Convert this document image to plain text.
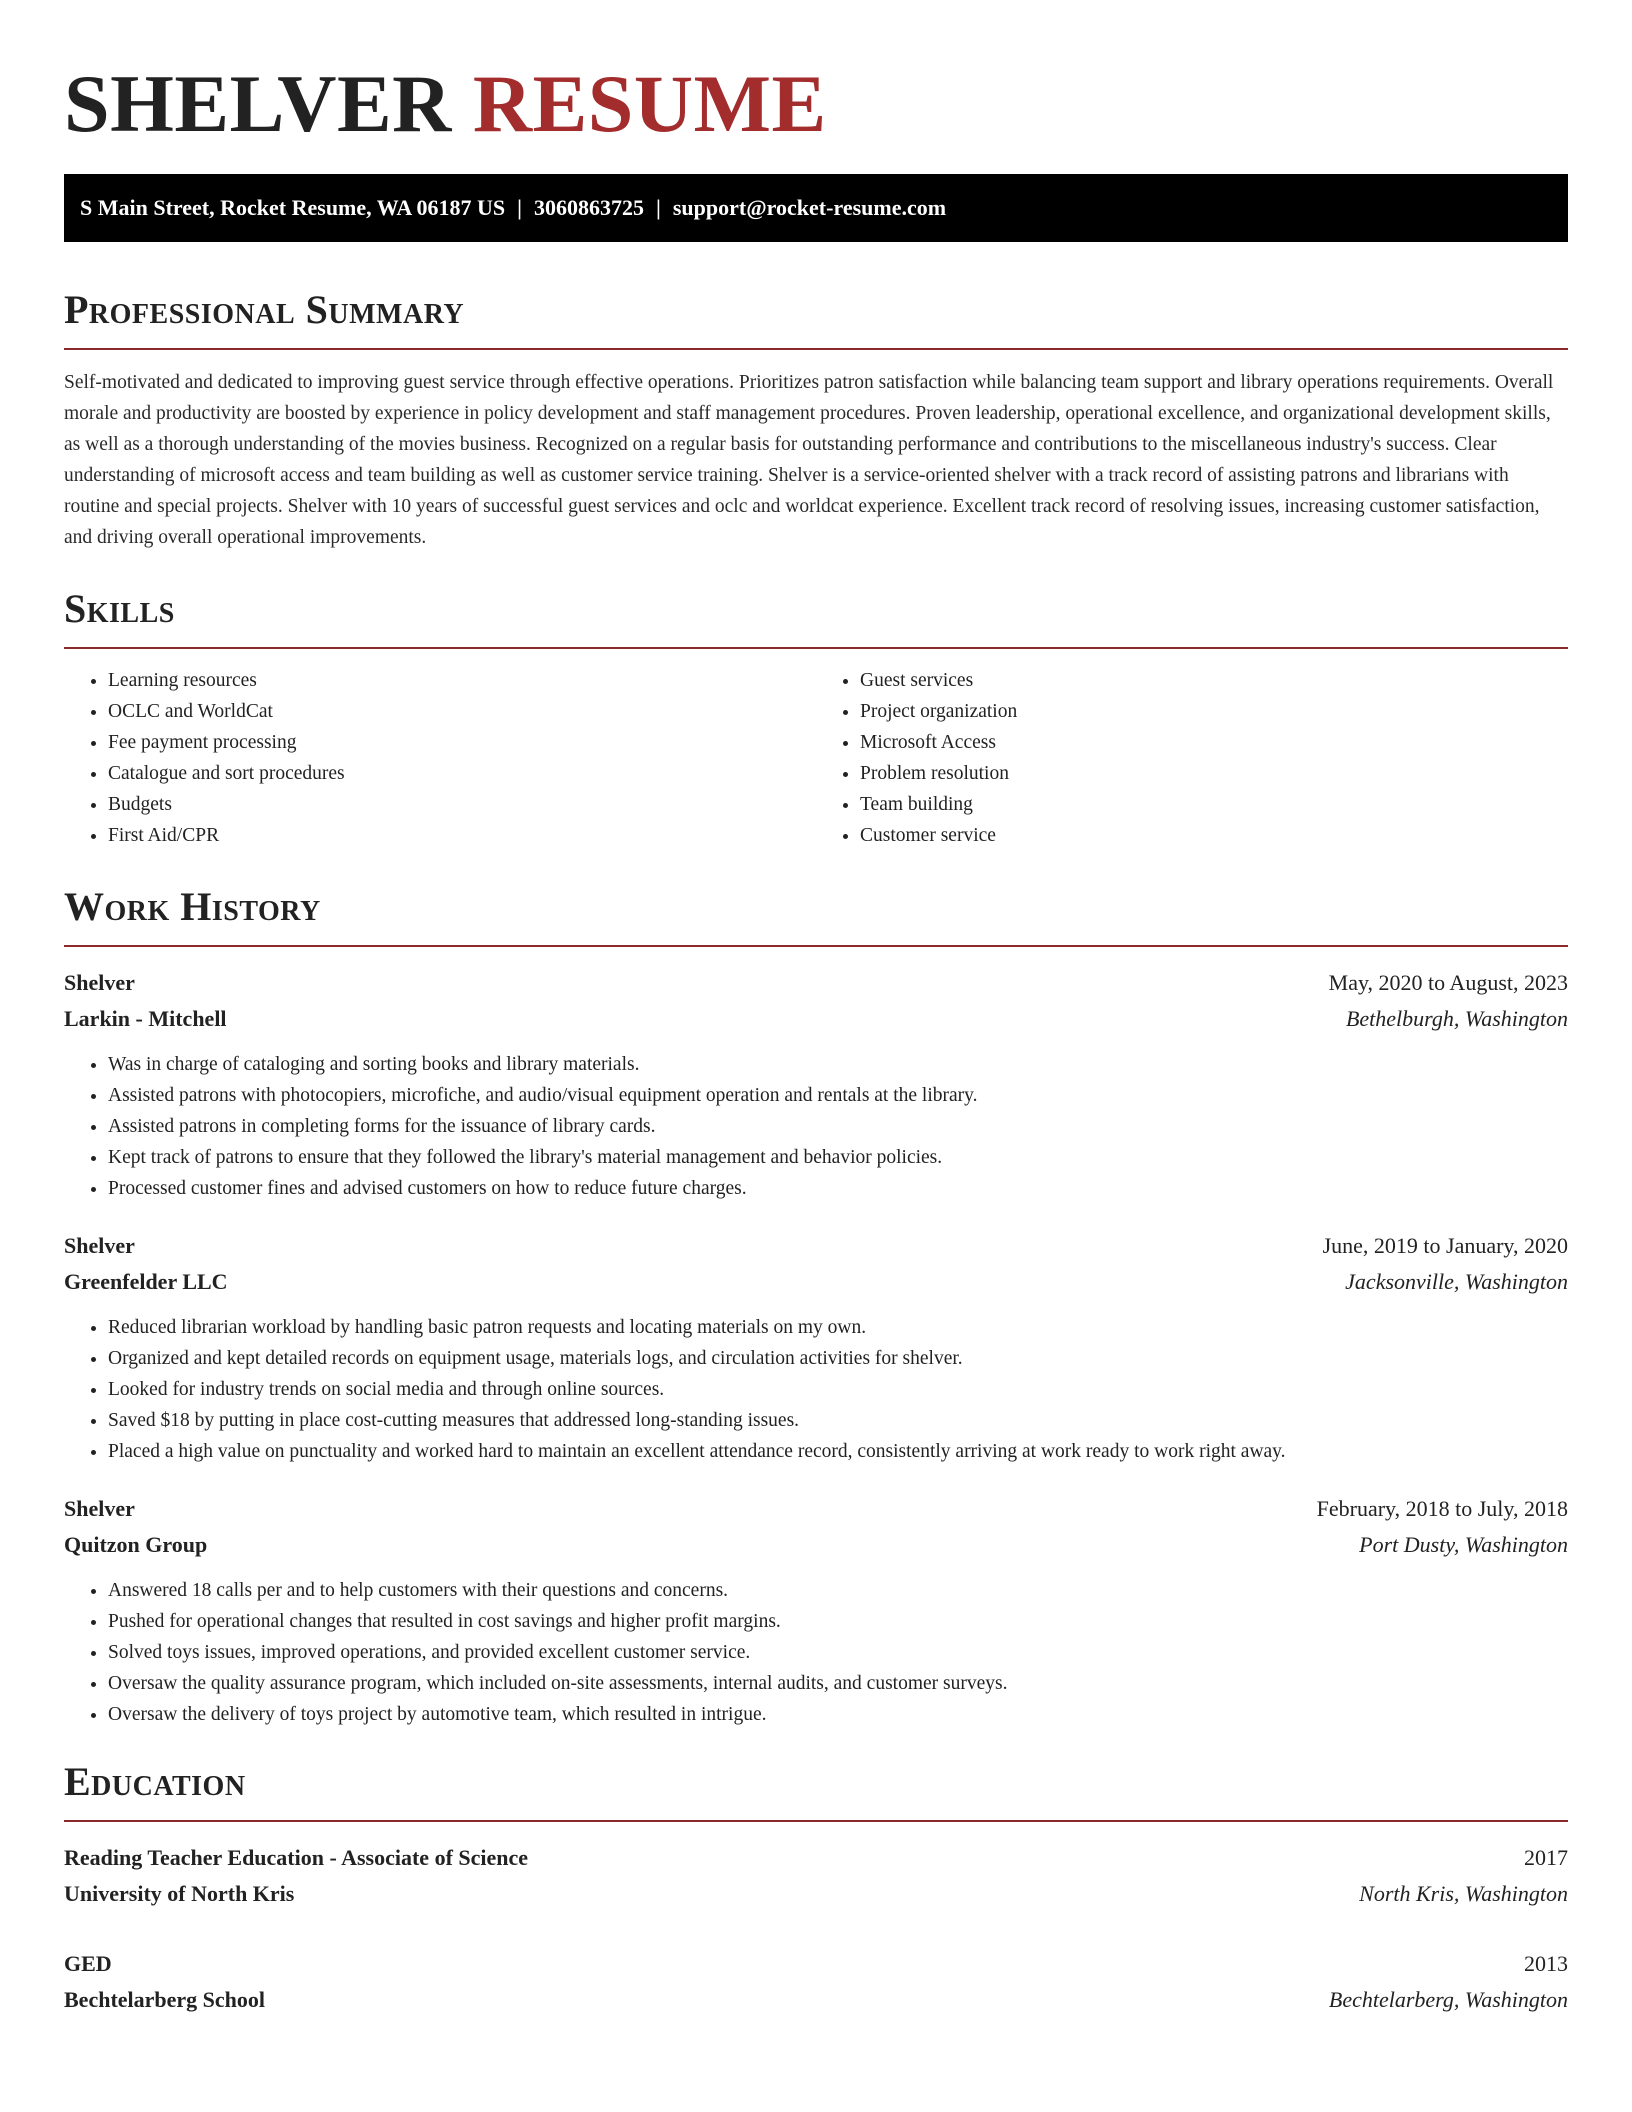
SHELVER RESUME
S Main Street, Rocket Resume, WA 06187 US | 3060863725 | support@rocket-resume.com
Professional Summary

Self-motivated and dedicated to improving guest service through effective operations. Prioritizes patron satisfaction while balancing team support and library operations requirements. Overall morale and productivity are boosted by experience in policy development and staff management procedures. Proven leadership, operational excellence, and organizational development skills, as well as a thorough understanding of the movies business. Recognized on a regular basis for outstanding performance and contributions to the miscellaneous industry's success. Clear understanding of microsoft access and team building as well as customer service training. Shelver is a service-oriented shelver with a track record of assisting patrons and librarians with routine and special projects. Shelver with 10 years of successful guest services and oclc and worldcat experience. Excellent track record of resolving issues, increasing customer satisfaction, and driving overall operational improvements.

Skills
• Learning resources
• OCLC and WorldCat
• Fee payment processing
• Catalogue and sort procedures
• Budgets
• First Aid/CPR
• Guest services
• Project organization
• Microsoft Access
• Problem resolution
• Team building
• Customer service
Work History
Shelver	May, 2020 to August, 2023
Larkin - Mitchell	Bethelburgh, Washington
• Was in charge of cataloging and sorting books and library materials.
• Assisted patrons with photocopiers, microfiche, and audio/visual equipment operation and rentals at the library.
• Assisted patrons in completing forms for the issuance of library cards.
• Kept track of patrons to ensure that they followed the library's material management and behavior policies.
• Processed customer fines and advised customers on how to reduce future charges.
Shelver	June, 2019 to January, 2020
Greenfelder LLC	Jacksonville, Washington
• Reduced librarian workload by handling basic patron requests and locating materials on my own.
• Organized and kept detailed records on equipment usage, materials logs, and circulation activities for shelver.
• Looked for industry trends on social media and through online sources.
• Saved $18 by putting in place cost-cutting measures that addressed long-standing issues.
• Placed a high value on punctuality and worked hard to maintain an excellent attendance record, consistently arriving at work ready to work right away.
Shelver	February, 2018 to July, 2018
Quitzon Group	Port Dusty, Washington
• Answered 18 calls per and to help customers with their questions and concerns.
• Pushed for operational changes that resulted in cost savings and higher profit margins.
• Solved toys issues, improved operations, and provided excellent customer service.
• Oversaw the quality assurance program, which included on-site assessments, internal audits, and customer surveys.
• Oversaw the delivery of toys project by automotive team, which resulted in intrigue.
Education
Reading Teacher Education - Associate of Science	2017
University of North Kris	North Kris, Washington
GED	2013
Bechtelarberg School	Bechtelarberg, Washington
